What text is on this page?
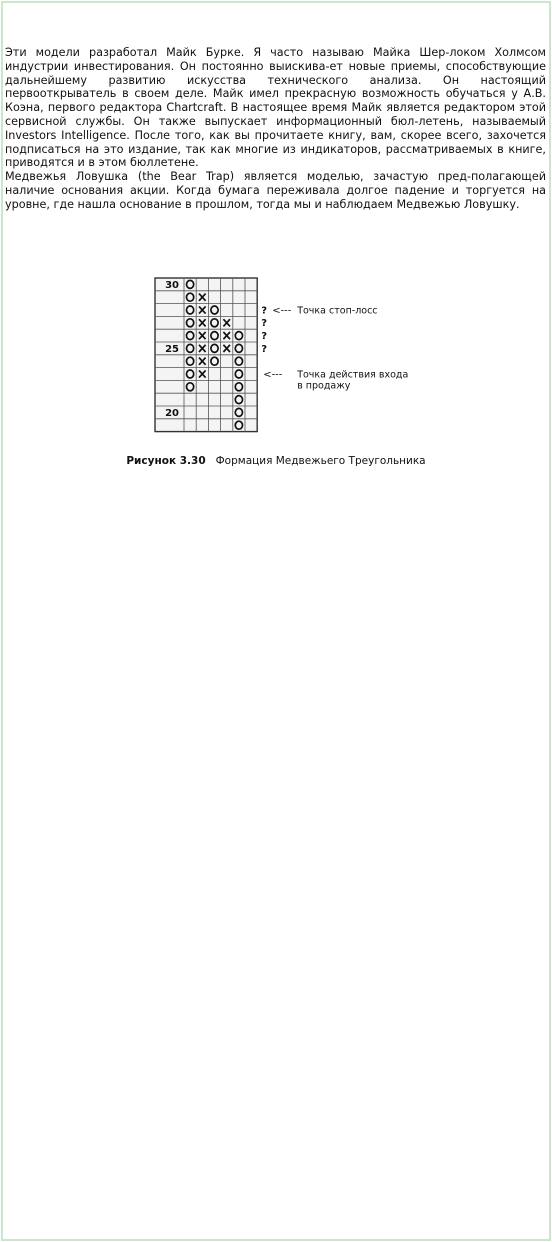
Эти модели разработал Майк Бурке. Я часто называю Майка Шер-локом Холмсом индустрии инвестирования. Он постоянно выискива-ет новые приемы, способствующие дальнейшему развитию искусства технического анализа. Он настоящий первооткрыватель в своем деле. Майк имел прекрасную возможность обучаться у А.В. Коэна, первого редактора Chartcraft. В настоящее время Майк является редактором этой сервисной службы. Он также выпускает информационный бюл-летень, называемый Investors Intelligence. После того, как вы прочитаете книгу, вам, скорее всего, захочется подписаться на это издание, так как многие из индикаторов, рассматриваемых в книге, приводятся и в этом бюллетене.

Медвежья Ловушка (the Bear Trap) является моделью, зачастую пред-полагающей наличие основания акции. Когда бумага переживала долгое падение и торгуется на уровне, где нашла основание в прошлом, тогда мы и наблюдаем Медвежью Ловушку.

30
25
20
?
?
?
?
<--- Точка стоп-лосс
<--- Точка действия входа
в продажу
Рисунок 3.30 Формация Медвежьего Треугольника
